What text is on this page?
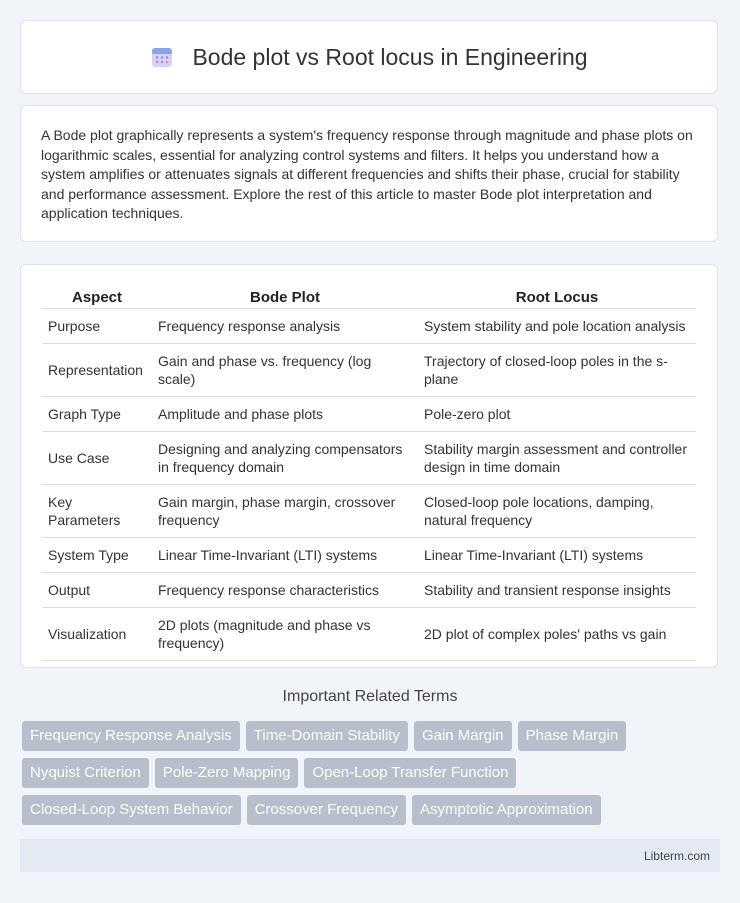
Bode plot vs Root locus in Engineering

A Bode plot graphically represents a system's frequency response through magnitude and phase plots on logarithmic scales, essential for analyzing control systems and filters. It helps you understand how a system amplifies or attenuates signals at different frequencies and shifts their phase, crucial for stability and performance assessment. Explore the rest of this article to master Bode plot interpretation and application techniques.

Aspect	Bode Plot	Root Locus
Purpose	Frequency response analysis	System stability and pole location analysis
Representation	Gain and phase vs. frequency (log scale)	Trajectory of closed-loop poles in the s-plane
Graph Type	Amplitude and phase plots	Pole-zero plot
Use Case	Designing and analyzing compensators in frequency domain	Stability margin assessment and controller design in time domain
Key Parameters	Gain margin, phase margin, crossover frequency	Closed-loop pole locations, damping, natural frequency
System Type	Linear Time-Invariant (LTI) systems	Linear Time-Invariant (LTI) systems
Output	Frequency response characteristics	Stability and transient response insights
Visualization	2D plots (magnitude and phase vs frequency)	2D plot of complex poles' paths vs gain
Important Related Terms
Frequency Response Analysis	Time-Domain Stability	Gain Margin	Phase Margin
Nyquist Criterion	Pole-Zero Mapping	Open-Loop Transfer Function
Closed-Loop System Behavior	Crossover Frequency	Asymptotic Approximation
Libterm.com
